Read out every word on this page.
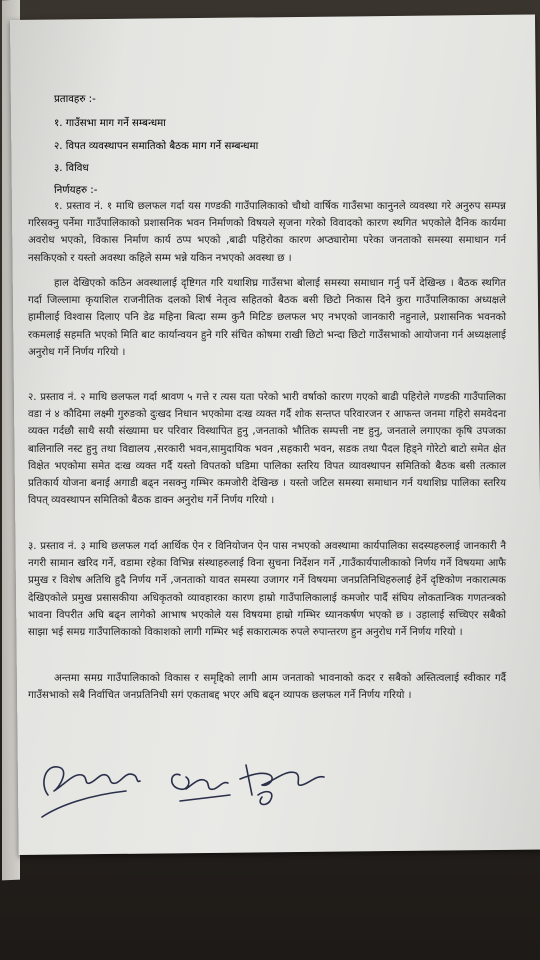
प्रतावहरु :-
१. गाउँसभा माग गर्ने सम्बन्धमा
२. विपत व्यवस्थापन समातिको बैठक माग गर्ने सम्बन्धमा
३. विविध
निर्णयहरु :-
१. प्रस्ताव नं. १ माथि छलफल गर्दा यस गण्डकी गाउँपालिकाको चौथो वार्षिक गाउँसभा कानुनले व्यवस्था गरे अनुरुप सम्पन्न गरिसक्नु पर्नेमा गाउँपालिकाको प्रशासनिक भवन निर्माणको विषयले सृजना गरेको विवादको कारण स्थगित भएकोले दैनिक कार्यमा अवरोध भएको, विकास निर्माण कार्य ठप्प भएको ,बाढी पहिरोका कारण अप्ठ्यारोमा परेका जनताको समस्या समाधान गर्न नसकिएको र यस्तो अवस्था कहिले सम्म भन्ने यकिन नभएको अवस्था छ ।
हाल देखिएको कठिन अवस्थालाई दृष्टिगत गरि यथाशिघ्र गाउँसभा बोलाई समस्या समाधान गर्नु पर्ने देखिन्छ । बैठक स्थगित गर्दा जिल्लामा कृयाशिल राजनीतिक दलको शिर्ष नेतृत्व सहितको बैठक बसी छिटो निकास दिने कुरा गाउँपालिकाका अध्यक्षले हामीलाई विश्वास दिलाए पनि डेढ महिना बित्दा सम्म कुनै मिटिङ छलफल भए नभएको जानकारी नहुनाले, प्रशासनिक भवनको रकमलाई सहमति भएको मिति बाट कार्यान्वयन हुने गरि संचित कोषमा राखी छिटो भन्दा छिटो गाउँसभाको आयोजना गर्न अध्यक्षलाई अनुरोध गर्ने निर्णय गरियो ।
२. प्रस्ताव नं. २ माथि छलफल गर्दा श्रावण ५ गत्ते र त्यस यता परेको भारी वर्षाको कारण गएको बाढी पहिरोले गण्डकी गाउँपालिका वडा नं ४ कौदिमा लक्ष्मी गुरुङको दुःखद निधान भएकोमा दःख व्यक्त गर्दै शोक सन्तप्त परिवारजन र आफन्त जनमा गहिरो समवेदना व्यक्त गर्दछौ साथै सयौ संख्यामा घर परिवार विस्थापित हुनु ,जनताको भौतिक सम्पत्ती नष्ट हुनु, जनताले लगाएका कृषि उपजका बालिनालि नस्ट हुनु तथा विद्यालय ,सरकारी भवन,सामुदायिक भवन ,सहकारी भवन, सडक तथा पैदल हिड्ने गोरेटो बाटो समेत क्षेत विक्षेत भएकोमा समेत दःख व्यक्त गर्दै यस्तो विपतको घडिमा पालिका स्तरिय विपत व्यावस्थापन समितिको बैठक बसी तत्काल प्रतिकार्य योजना बनाई अगाडी बढ्न नसक्नु गम्भिर कमजोरी देखिन्छ । यस्तो जटिल समस्या समाधान गर्न यथाशिघ्र पालिका स्तरिय विपत् व्यवस्थापन समितिको बैठक डाक्न अनुरोध गर्ने निर्णय गरियो ।
३. प्रस्ताव नं. ३ माथि छलफल गर्दा आर्थिक ऐन र विनियोजन ऐन पास नभएको अवस्थामा कार्यपालिका सदस्यहरुलाई जानकारी नै नगरी सामान खरिद गर्ने, वडामा रहेका विभिन्न संस्थाहरुलाई विना सुचना निर्देशन गर्ने ,गाउँकार्यपालीकाको निर्णय गर्ने विषयमा आफै प्रमुख र विशेष अतिथि हुदै निर्णय गर्ने ,जनताको यावत समस्या उजागर गर्ने विषयमा जनप्रतिनिधिहरुलाई हेर्ने दृष्टिकोण नकारात्मक देखिएकोले प्रमुख प्रसासकीया अधिकृतको व्यावहारका कारण हाम्रो गाउँपालिकालाई कमजोर पार्दै संघिय लोकतान्त्रिक गणतन्त्रको भावना विपरीत अघि बढ्न लागेको आभाष भएकोले यस विषयमा हाम्रो गम्भिर ध्यानकर्षण भएको छ । उहालाई सच्चिएर सबैको साझा भई समग्र गाउँपालिकाको विकाशको लागी गम्भिर भई सकारात्मक रुपले रुपान्तरण हुन अनुरोध गर्ने निर्णय गरियो ।
अन्तमा समग्र गाउँपालिकाको विकास र समृद्दिको लागी आम जनताको भावनाको कदर र सबैको अस्तित्वलाई स्वीकार गर्दै गाउँसभाको सबै निर्वाचित जनप्रतिनिधी सगं एकताबद्द भएर अघि बढ्न व्यापक छलफल गर्ने निर्णय गरियो ।
